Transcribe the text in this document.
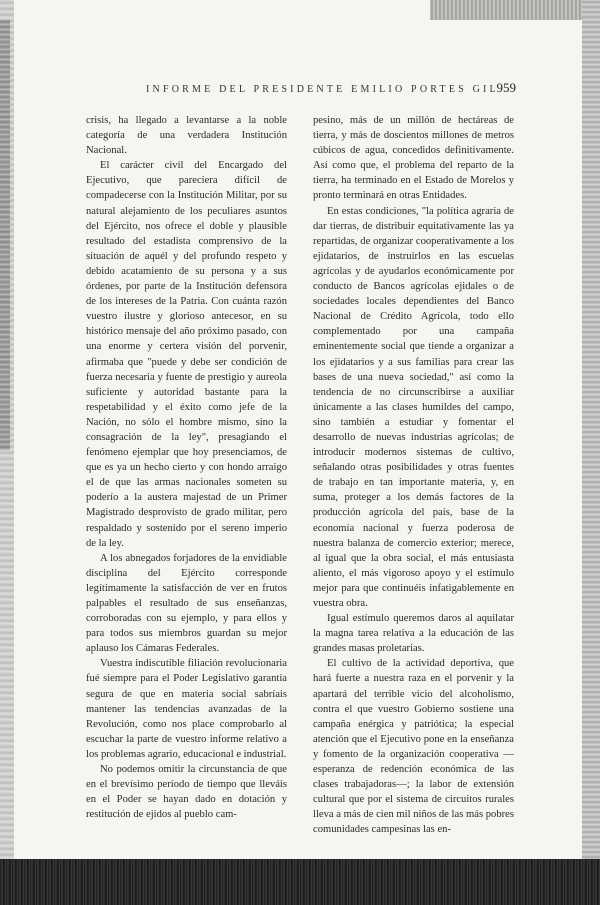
INFORME DEL PRESIDENTE EMILIO PORTES GIL
959

crisis, ha llegado a levantarse a la noble categoría de una verdadera Institución Nacional.

El carácter civil del Encargado del Ejecutivo, que pareciera difícil de compadecerse con la Institución Militar, por su natural alejamiento de los peculiares asuntos del Ejército, nos ofrece el doble y plausible resultado del estadista comprensivo de la situación de aquél y del profundo respeto y debido acatamiento de su persona y a sus órdenes, por parte de la Institución defensora de los intereses de la Patria. Con cuánta razón vuestro ilustre y glorioso antecesor, en su histórico mensaje del año próximo pasado, con una enorme y certera visión del porvenir, afirmaba que "puede y debe ser condición de fuerza necesaria y fuente de prestigio y aureola suficiente y autoridad bastante para la respetabilidad y el éxito como jefe de la Nación, no sólo el hombre mismo, sino la consagración de la ley", presagiando el fenómeno ejemplar que hoy presenciamos, de que es ya un hecho cierto y con hondo arraigo el de que las armas nacionales someten su poderío a la austera majestad de un Primer Magistrado desprovisto de grado militar, pero respaldado y sostenido por el sereno imperio de la ley.

A los abnegados forjadores de la envidiable disciplina del Ejército corresponde legítimamente la satisfacción de ver en frutos palpables el resultado de sus enseñanzas, corroboradas con su ejemplo, y para ellos y para todos sus miembros guardan su mejor aplauso los Cámaras Federales.

Vuestra indiscutible filiación revolucionaria fué siempre para el Poder Legislativo garantía segura de que en materia social sabríais mantener las tendencias avanzadas de la Revolución, como nos place comprobarlo al escuchar la parte de vuestro informe relativo a los problemas agrario, educacional e industrial.

No podemos omitir la circunstancia de que en el brevísimo período de tiempo que lleváis en el Poder se hayan dado en dotación y restitución de ejidos al pueblo cam-

pesino, más de un millón de hectáreas de tierra, y más de doscientos millones de metros cúbicos de agua, concedidos definitivamente. Así como que, el problema del reparto de la tierra, ha terminado en el Estado de Morelos y pronto terminará en otras Entidades.

En estas condiciones, "la política agraria de dar tierras, de distribuir equitativamente las ya repartidas, de organizar cooperativamente a los ejidatarios, de instruirlos en las escuelas agrícolas y de ayudarlos económicamente por conducto de Bancos agrícolas ejidales o de sociedades locales dependientes del Banco Nacional de Crédito Agrícola, todo ello complementado por una campaña eminentemente social que tiende a organizar a los ejidatarios y a sus familias para crear las bases de una nueva sociedad," así como la tendencia de no circunscribirse a auxiliar únicamente a las clases humildes del campo, sino también a estudiar y fomentar el desarrollo de nuevas industrias agrícolas; de introducir modernos sistemas de cultivo, señalando otras posibilidades y otras fuentes de trabajo en tan importante materia, y, en suma, proteger a los demás factores de la producción agrícola del país, base de la economía nacional y fuerza poderosa de nuestra balanza de comercio exterior; merece, al igual que la obra social, el más entusiasta aliento, el más vigoroso apoyo y el estímulo mejor para que continuéis infatigablemente en vuestra obra.

Igual estímulo queremos daros al aquilatar la magna tarea relativa a la educación de las grandes masas proletarias.

El cultivo de la actividad deportiva, que hará fuerte a nuestra raza en el porvenir y la apartará del terrible vicio del alcoholismo, contra el que vuestro Gobierno sostiene una campaña enérgica y patriótica; la especial atención que el Ejecutivo pone en la enseñanza y fomento de la organización cooperativa —esperanza de redención económica de las clases trabajadoras—; la labor de extensión cultural que por el sistema de circuitos rurales lleva a más de cien mil niños de las más pobres comunidades campesinas las en-
